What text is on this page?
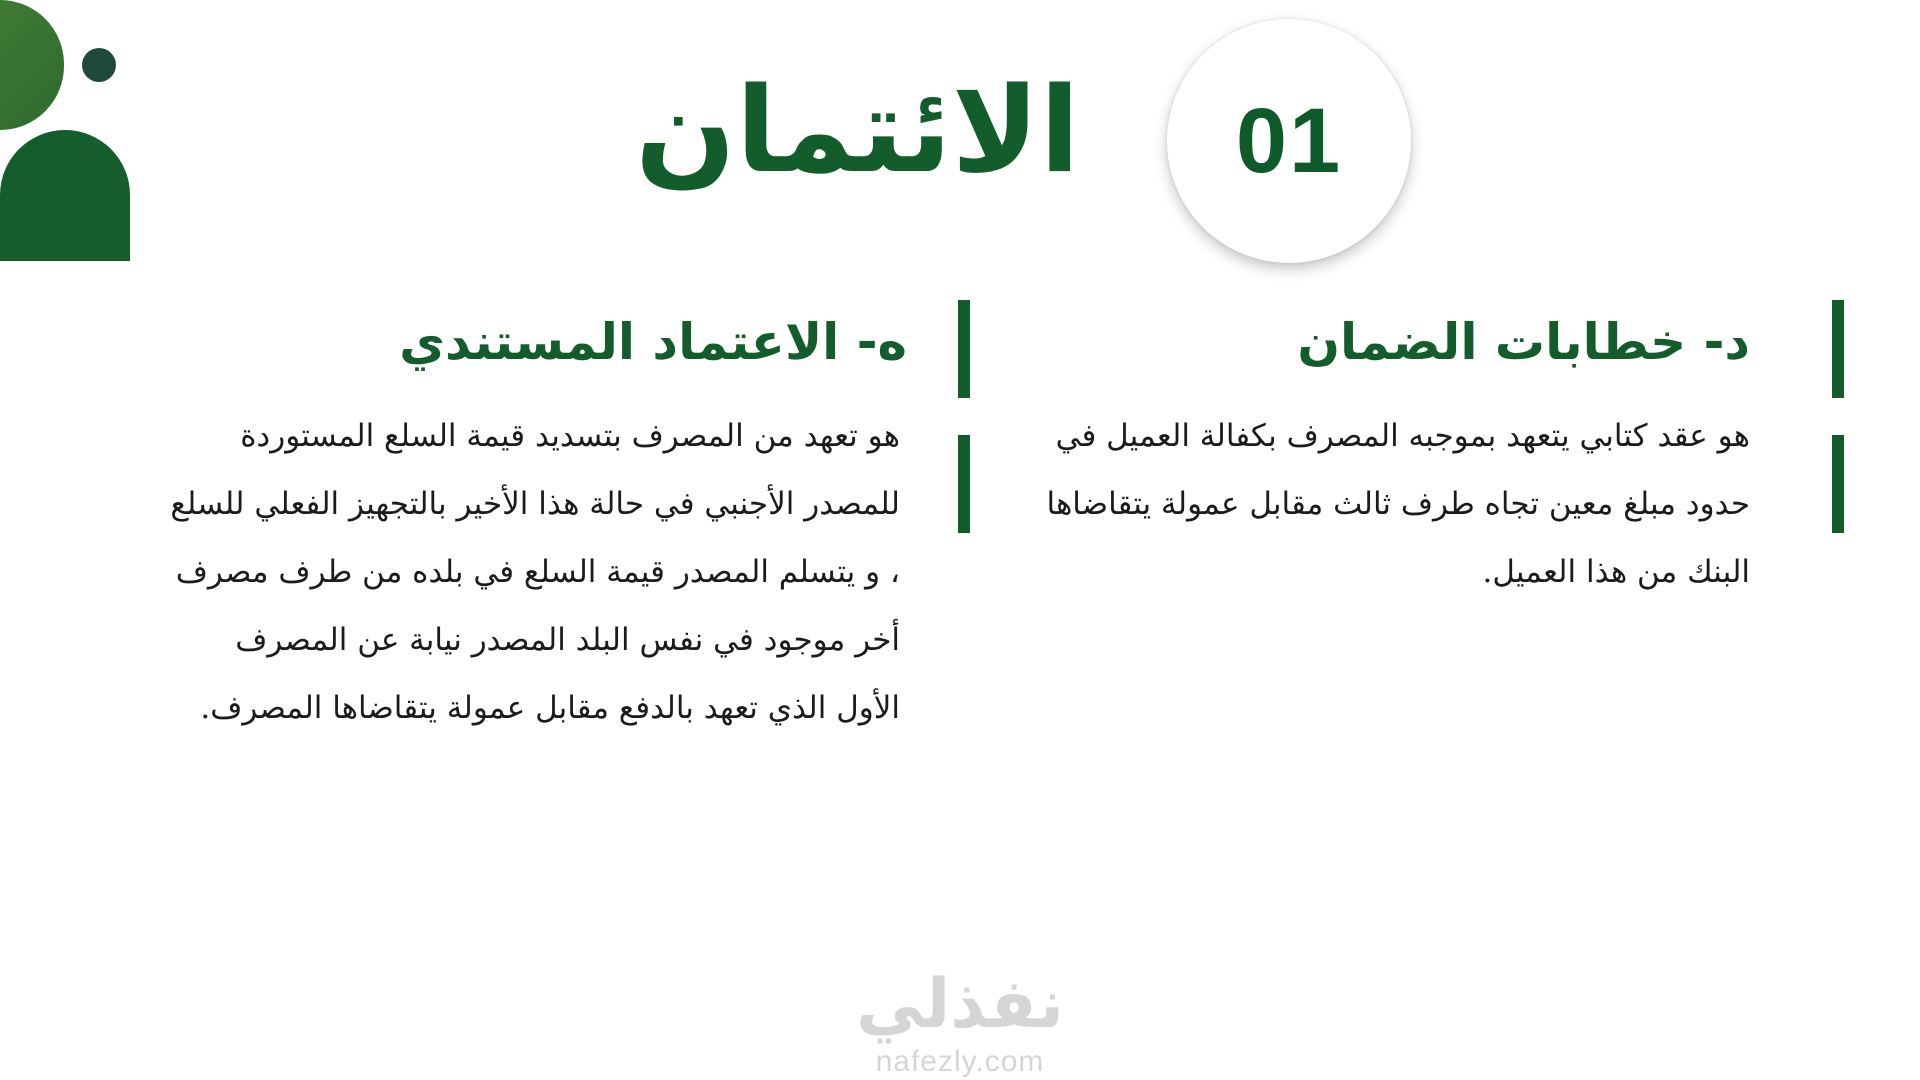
01
الائتمان
د- خطابات الضمان

هو عقد كتابي يتعهد بموجبه المصرف بكفالة العميل في حدود مبلغ معين تجاه طرف ثالث مقابل عمولة يتقاضاها البنك من هذا العميل.

ه- الاعتماد المستندي

هو تعهد من المصرف بتسديد قيمة السلع المستوردة للمصدر الأجنبي في حالة هذا الأخير بالتجهيز الفعلي للسلع ، و يتسلم المصدر قيمة السلع في بلده من طرف مصرف أخر موجود في نفس البلد المصدر نيابة عن المصرف الأول الذي تعهد بالدفع مقابل عمولة يتقاضاها المصرف.

نفذلي
nafezly.com
